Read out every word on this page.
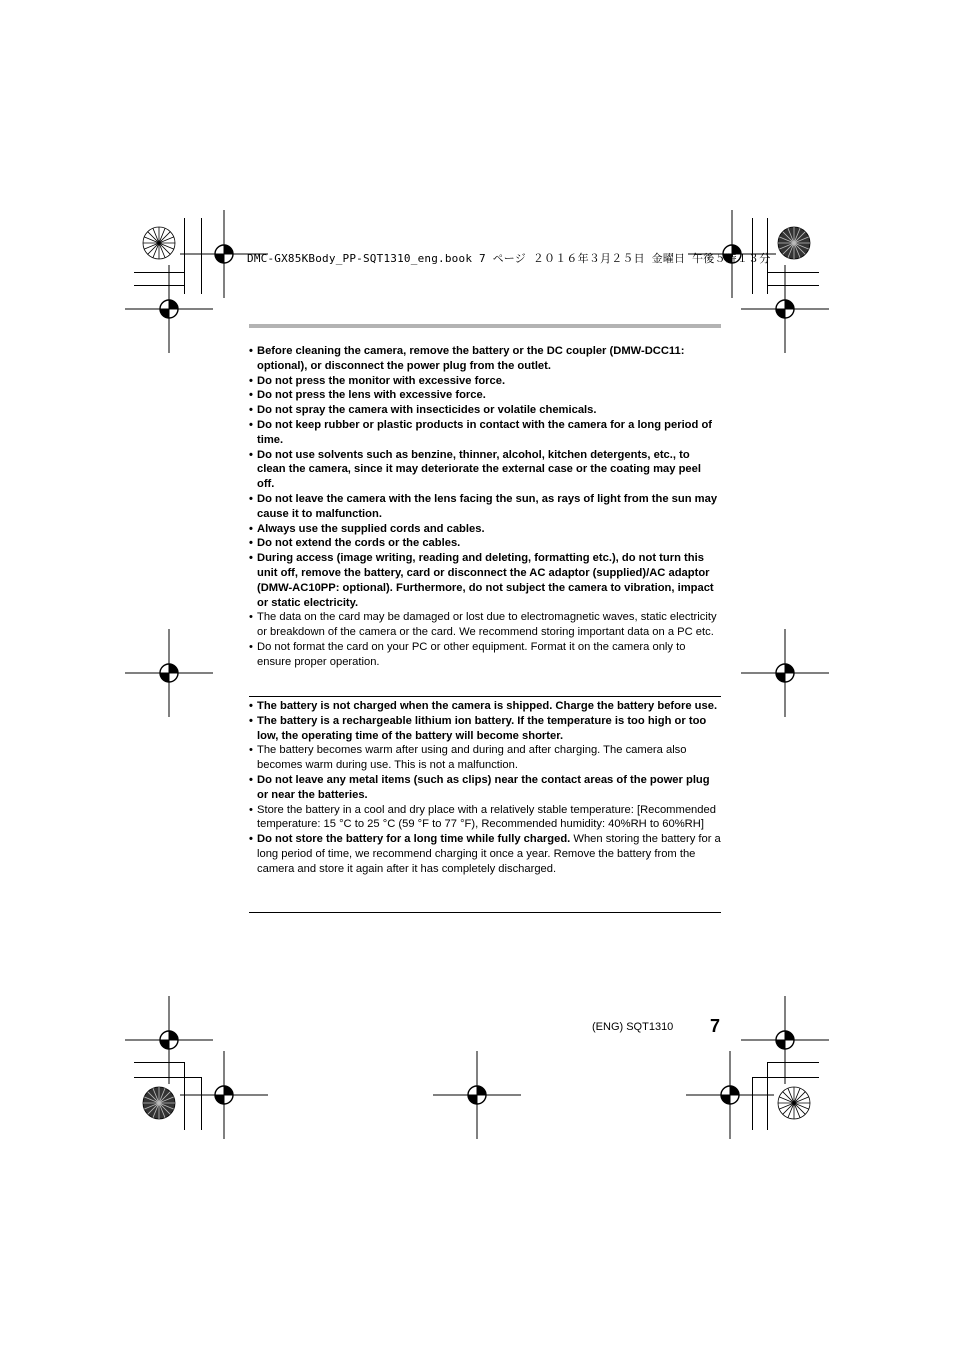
DMC-GX85KBody_PP-SQT1310_eng.book 7 ページ ２０１６年３月２５日 金曜日 午後５時１３分
• Before cleaning the camera, remove the battery or the DC coupler (DMW-DCC11: optional), or disconnect the power plug from the outlet.
• Do not press the monitor with excessive force.
• Do not press the lens with excessive force.
• Do not spray the camera with insecticides or volatile chemicals.
• Do not keep rubber or plastic products in contact with the camera for a long period of time.
• Do not use solvents such as benzine, thinner, alcohol, kitchen detergents, etc., to clean the camera, since it may deteriorate the external case or the coating may peel off.
• Do not leave the camera with the lens facing the sun, as rays of light from the sun may cause it to malfunction.
• Always use the supplied cords and cables.
• Do not extend the cords or the cables.
• During access (image writing, reading and deleting, formatting etc.), do not turn this unit off, remove the battery, card or disconnect the AC adaptor (supplied)/AC adaptor (DMW-AC10PP: optional). Furthermore, do not subject the camera to vibration, impact or static electricity.
• The data on the card may be damaged or lost due to electromagnetic waves, static electricity or breakdown of the camera or the card. We recommend storing important data on a PC etc.
• Do not format the card on your PC or other equipment. Format it on the camera only to ensure proper operation.
• The battery is not charged when the camera is shipped. Charge the battery before use.
• The battery is a rechargeable lithium ion battery. If the temperature is too high or too low, the operating time of the battery will become shorter.
• The battery becomes warm after using and during and after charging. The camera also becomes warm during use. This is not a malfunction.
• Do not leave any metal items (such as clips) near the contact areas of the power plug or near the batteries.
• Store the battery in a cool and dry place with a relatively stable temperature: [Recommended temperature: 15 °C to 25 °C (59 °F to 77 °F), Recommended humidity: 40%RH to 60%RH]
• Do not store the battery for a long time while fully charged. When storing the battery for a long period of time, we recommend charging it once a year. Remove the battery from the camera and store it again after it has completely discharged.
(ENG) SQT1310 7
